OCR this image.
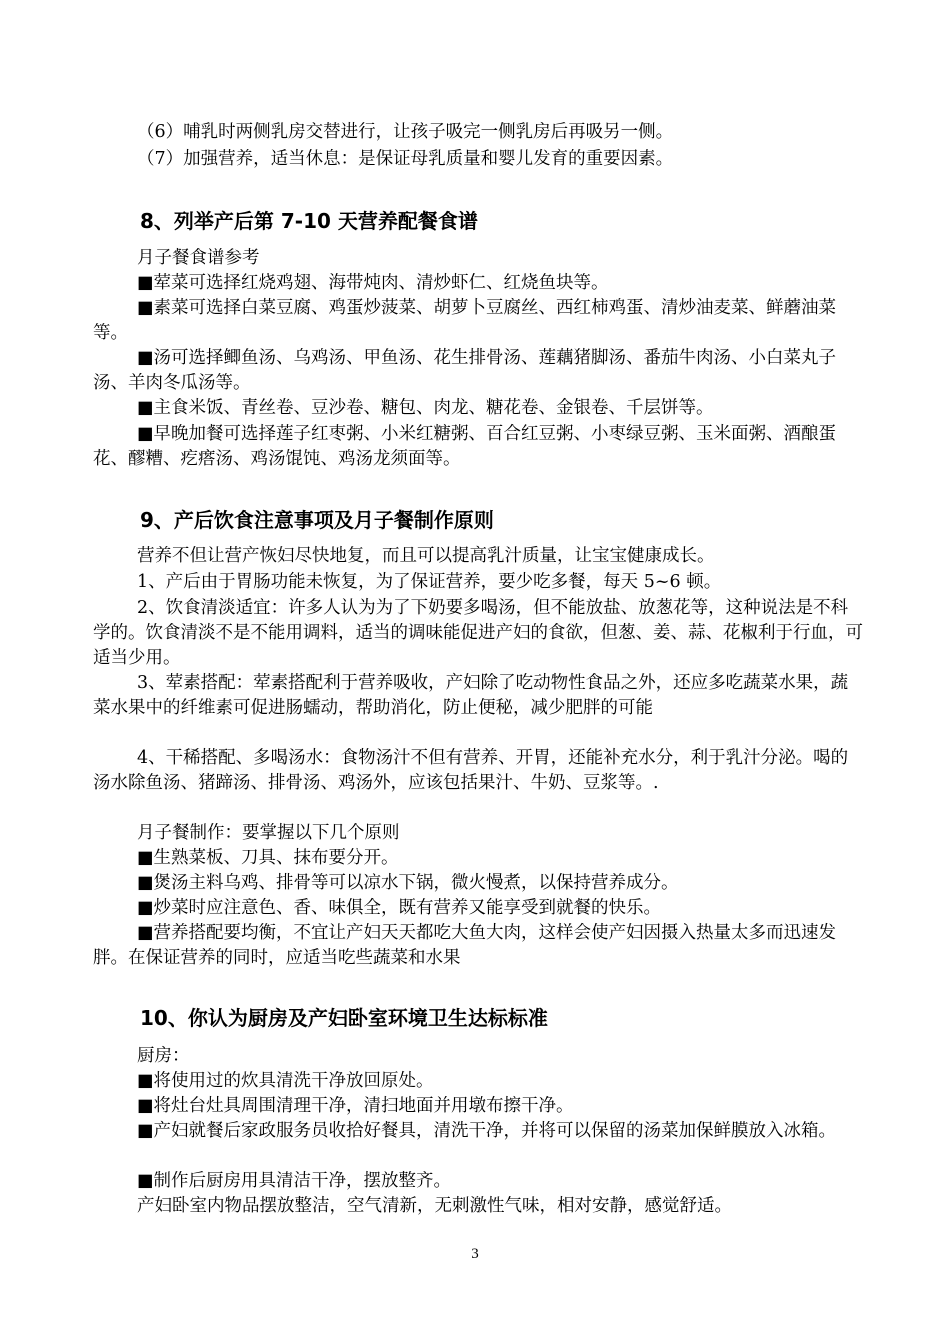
（6）哺乳时两侧乳房交替进行，让孩子吸完一侧乳房后再吸另一侧。

（7）加强营养，适当休息：是保证母乳质量和婴儿发育的重要因素。

8、列举产后第 7-10 天营养配餐食谱

月子餐食谱参考

■荤菜可选择红烧鸡翅、海带炖肉、清炒虾仁、红烧鱼块等。

■素菜可选择白菜豆腐、鸡蛋炒菠菜、胡萝卜豆腐丝、西红柿鸡蛋、清炒油麦菜、鲜蘑油菜等。

■汤可选择鲫鱼汤、乌鸡汤、甲鱼汤、花生排骨汤、莲藕猪脚汤、番茄牛肉汤、小白菜丸子汤、羊肉冬瓜汤等。

■主食米饭、青丝卷、豆沙卷、糖包、肉龙、糖花卷、金银卷、千层饼等。

■早晚加餐可选择莲子红枣粥、小米红糖粥、百合红豆粥、小枣绿豆粥、玉米面粥、酒酿蛋花、醪糟、疙瘩汤、鸡汤馄饨、鸡汤龙须面等。

9、产后饮食注意事项及月子餐制作原则

营养不但让营产恢妇尽快地复，而且可以提高乳汁质量，让宝宝健康成长。

1、产后由于胃肠功能未恢复，为了保证营养，要少吃多餐，每天 5~6 顿。

2、饮食清淡适宜：许多人认为为了下奶要多喝汤，但不能放盐、放葱花等，这种说法是不科学的。饮食清淡不是不能用调料，适当的调味能促进产妇的食欲，但葱、姜、蒜、花椒利于行血，可适当少用。

3、荤素搭配：荤素搭配利于营养吸收，产妇除了吃动物性食品之外，还应多吃蔬菜水果，蔬菜水果中的纤维素可促进肠蠕动，帮助消化，防止便秘，减少肥胖的可能

4、干稀搭配、多喝汤水：食物汤汁不但有营养、开胃，还能补充水分，利于乳汁分泌。喝的汤水除鱼汤、猪蹄汤、排骨汤、鸡汤外，应该包括果汁、牛奶、豆浆等。.

月子餐制作：要掌握以下几个原则

■生熟菜板、刀具、抹布要分开。

■煲汤主料乌鸡、排骨等可以凉水下锅，微火慢煮，以保持营养成分。

■炒菜时应注意色、香、味俱全，既有营养又能享受到就餐的快乐。

■营养搭配要均衡，不宜让产妇天天都吃大鱼大肉，这样会使产妇因摄入热量太多而迅速发胖。在保证营养的同时，应适当吃些蔬菜和水果

10、你认为厨房及产妇卧室环境卫生达标标准

厨房：

■将使用过的炊具清洗干净放回原处。

■将灶台灶具周围清理干净，清扫地面并用墩布擦干净。

■产妇就餐后家政服务员收拾好餐具，清洗干净，并将可以保留的汤菜加保鲜膜放入冰箱。

■制作后厨房用具清洁干净，摆放整齐。

产妇卧室内物品摆放整洁，空气清新，无刺激性气味，相对安静，感觉舒适。

3
